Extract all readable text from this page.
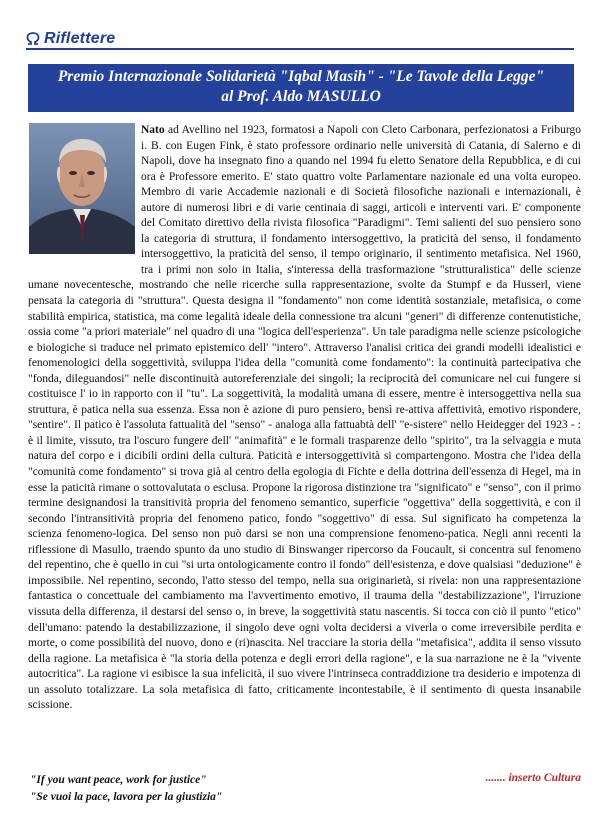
Riflettere
Premio Internazionale Solidarietà "Iqbal Masih" - "Le Tavole della Legge"
al Prof. Aldo MASULLO

Nato ad Avellino nel 1923, formatosi a Napoli con Cleto Carbonara, perfezionatosi a Friburgo i. B. con Eugen Fink, è stato professore ordinario nelle università di Catania, di Salerno e di Napoli, dove ha insegnato fino a quando nel 1994 fu eletto Senatore della Repubblica, e di cui ora è Professore emerito. E' stato quattro volte Parlamentare nazionale ed una volta europeo. Membro di varie Accademie nazionali e di Società filosofiche nazionali e internazionali, è autore di numerosi libri e di varie centinaia di saggi, articoli e interventi vari. E' componente del Comitato direttivo della rivista filosofica "Paradigmi". Temi salienti del suo pensiero sono la categoria di struttura, il fondamento intersoggettivo, la praticità del senso, il fondamento intersoggettivo, la praticità del senso, il tempo originario, il sentimento metafisica. Nel 1960, tra i primi non solo in Italia, s'interessa della trasformazione "strutturalistica" delle scienze umane novecentesche, mostrando che nelle ricerche sulla rappresentazione, svolte da Stumpf e da Husserl, viene pensata la categoria di "struttura". Questa designa il "fondamento" non come identità sostanziale, metafisica, o come stabilità empirica, statistica, ma come legalità ideale della connessione tra alcuni "generi" di differenze contenutistiche, ossia come "a priori materiale" nel quadro di una "logica dell'esperienza". Un tale paradigma nelle scienze psicologiche e biologiche si traduce nel primato epistemico dell' "intero". Attraverso l'analisi critica dei grandi modelli idealistici e fenomenologici della soggettività, sviluppa l'idea della "comunità come fondamento": la continuità partecipativa che "fonda, dileguandosi" nelle discontinuità autoreferenziale dei singoli; la reciprocità del comunicare nel cui fungere si costituisce l' io in rapporto con il "tu". La soggettività, la modalità umana di essere, mentre è intersoggettiva nella sua struttura, è patica nella sua essenza. Essa non è azione di puro pensiero, bensì re-attiva affettività, emotivo rispondere, "sentire". Il patico è l'assoluta fattualità del "senso" - analoga alla fattuabtà dell' "e-sistere" nello Heidegger del 1923 - : è il limite, vissuto, tra l'oscuro fungere dell' "animafità" e le formali trasparenze dello "spirito", tra la selvaggia e muta natura del corpo e i dicibili ordini della cultura. Paticità e intersoggettività si compartengono. Mostra che l'idea della "comunità come fondamento" si trova già al centro della egologia di Fichte e della dottrina dell'essenza di Hegel, ma in esse la paticità rimane o sottovalutata o esclusa. Propone la rigorosa distinzione tra "significato" e "senso", con il primo termine designandosi la transitività propria del fenomeno semantico, superficie "oggettiva" della soggettività, e con il secondo l'intransitività propria del fenomeno patico, fondo "soggettivo" di essa. Sul significato ha competenza la scienza fenomeno-logica. Del senso non può darsi se non una comprensione fenomeno-patica. Negli anni recenti la riflessione di Masullo, traendo spunto da uno studio di Binswanger ripercorso da Foucault, si concentra sul fenomeno del repentino, che è quello in cui "si urta ontologicamente contro il fondo" dell'esistenza, e dove qualsiasi "deduzione" è impossibile. Nel repentino, secondo, l'atto stesso del tempo, nella sua originarietà, si rivela: non una rappresentazione fantastica o concettuale del cambiamento ma l'avvertimento emotivo, il trauma della "destabilizzazione", l'irruzione vissuta della differenza, il destarsi del senso o, in breve, la soggettività statu nascentis. Si tocca con ciò il punto "etico" dell'umano: patendo la destabilizzazione, il singolo deve ogni volta decidersi a viverla o come irreversibile perdita e morte, o come possibilità del nuovo, dono e (ri)nascita. Nel tracciare la storia della "metafisica", addita il senso vissuto della ragione. La metafisica è "la storia della potenza e degli errori della ragione", e la sua narrazione ne è la "vivente autocritica". La ragione vi esibisce la sua infelicità, il suo vivere l'intrinseca contraddizione tra desiderio e impotenza di un assoluto totalizzare. La sola metafisica di fatto, criticamente incontestabile, è il sentimento di questa insanabile scissione.

"If you want peace, work for justice"
"Se vuoi la pace, lavora per la giustizia"
....... inserto Cultura
